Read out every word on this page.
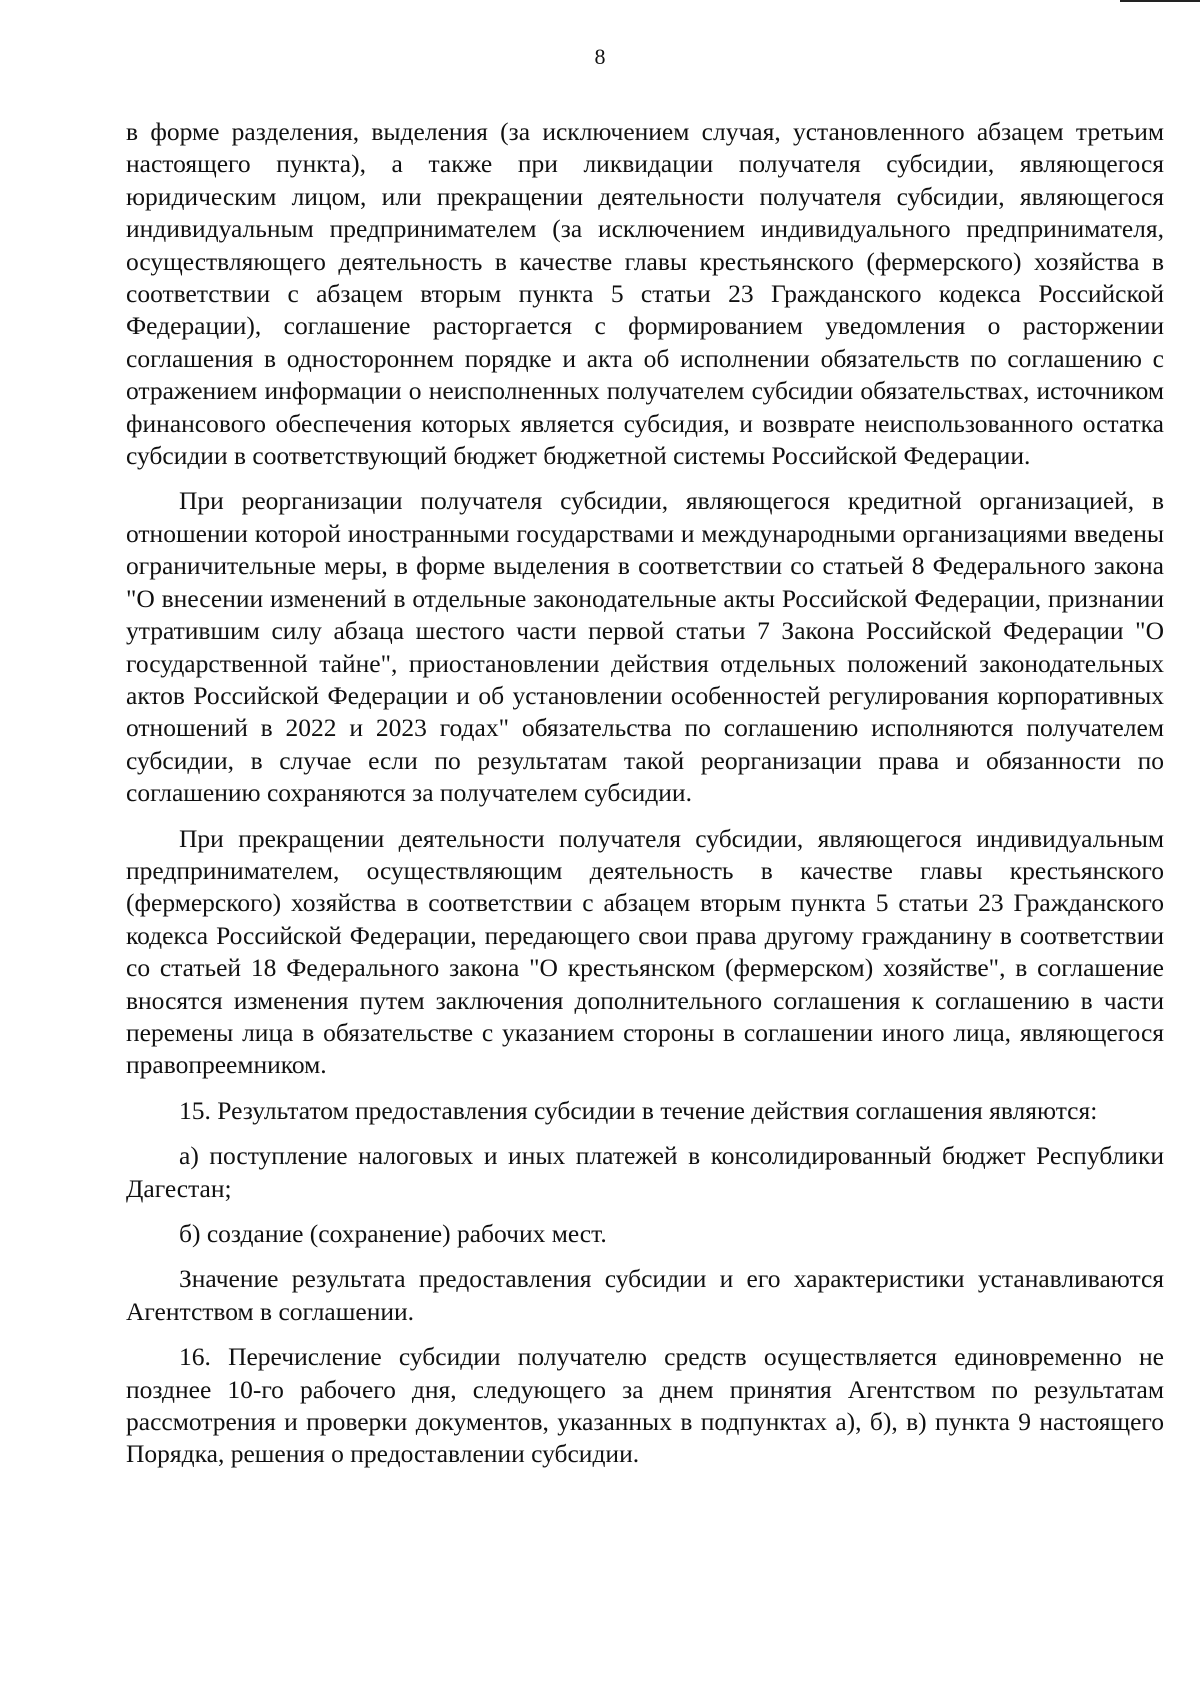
8

в форме разделения, выделения (за исключением случая, установленного абзацем третьим настоящего пункта), а также при ликвидации получателя субсидии, являющегося юридическим лицом, или прекращении деятельности получателя субсидии, являющегося индивидуальным предпринимателем (за исключением индивидуального предпринимателя, осуществляющего деятельность в качестве главы крестьянского (фермерского) хозяйства в соответствии с абзацем вторым пункта 5 статьи 23 Гражданского кодекса Российской Федерации), соглашение расторгается с формированием уведомления о расторжении соглашения в одностороннем порядке и акта об исполнении обязательств по соглашению с отражением информации о неисполненных получателем субсидии обязательствах, источником финансового обеспечения которых является субсидия, и возврате неиспользованного остатка субсидии в соответствующий бюджет бюджетной системы Российской Федерации.

При реорганизации получателя субсидии, являющегося кредитной организацией, в отношении которой иностранными государствами и международными организациями введены ограничительные меры, в форме выделения в соответствии со статьей 8 Федерального закона "О внесении изменений в отдельные законодательные акты Российской Федерации, признании утратившим силу абзаца шестого части первой статьи 7 Закона Российской Федерации "О государственной тайне", приостановлении действия отдельных положений законодательных актов Российской Федерации и об установлении особенностей регулирования корпоративных отношений в 2022 и 2023 годах" обязательства по соглашению исполняются получателем субсидии, в случае если по результатам такой реорганизации права и обязанности по соглашению сохраняются за получателем субсидии.

При прекращении деятельности получателя субсидии, являющегося индивидуальным предпринимателем, осуществляющим деятельность в качестве главы крестьянского (фермерского) хозяйства в соответствии с абзацем вторым пункта 5 статьи 23 Гражданского кодекса Российской Федерации, передающего свои права другому гражданину в соответствии со статьей 18 Федерального закона "О крестьянском (фермерском) хозяйстве", в соглашение вносятся изменения путем заключения дополнительного соглашения к соглашению в части перемены лица в обязательстве с указанием стороны в соглашении иного лица, являющегося правопреемником.

15. Результатом предоставления субсидии в течение действия соглашения являются:

а) поступление налоговых и иных платежей в консолидированный бюджет Республики Дагестан;

б) создание (сохранение) рабочих мест.

Значение результата предоставления субсидии и его характеристики устанавливаются Агентством в соглашении.

16. Перечисление субсидии получателю средств осуществляется единовременно не позднее 10-го рабочего дня, следующего за днем принятия Агентством по результатам рассмотрения и проверки документов, указанных в подпунктах а), б), в) пункта 9 настоящего Порядка, решения о предоставлении субсидии.
